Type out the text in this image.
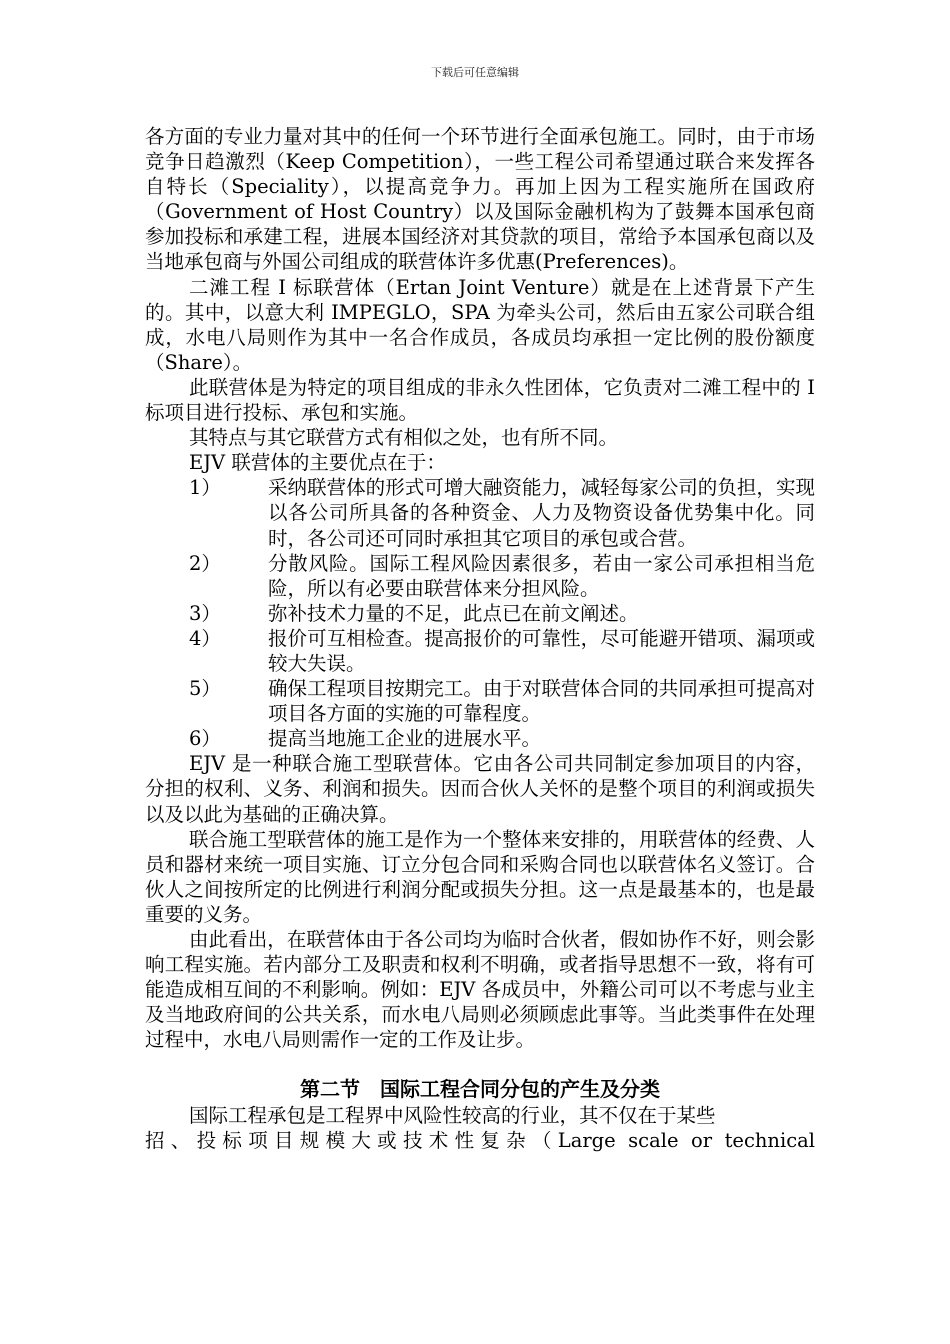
下载后可任意编辑

各方面的专业力量对其中的任何一个环节进行全面承包施工。同时，由于市场竞争日趋激烈（Keep Competition），一些工程公司希望通过联合来发挥各自特长（Speciality），以提高竞争力。再加上因为工程实施所在国政府（Government of Host Country）以及国际金融机构为了鼓舞本国承包商参加投标和承建工程，进展本国经济对其贷款的项目，常给予本国承包商以及当地承包商与外国公司组成的联营体许多优惠(Preferences)。

二滩工程 I 标联营体（Ertan Joint Venture）就是在上述背景下产生的。其中，以意大利 IMPEGLO，SPA 为牵头公司，然后由五家公司联合组成，水电八局则作为其中一名合作成员，各成员均承担一定比例的股份额度（Share）。

此联营体是为特定的项目组成的非永久性团体，它负责对二滩工程中的 I 标项目进行投标、承包和实施。

其特点与其它联营方式有相似之处，也有所不同。

EJV 联营体的主要优点在于：

1）	采纳联营体的形式可增大融资能力，减轻每家公司的负担，实现以各公司所具备的各种资金、人力及物资设备优势集中化。同时，各公司还可同时承担其它项目的承包或合营。
2）	分散风险。国际工程风险因素很多，若由一家公司承担相当危险，所以有必要由联营体来分担风险。
3）	弥补技术力量的不足，此点已在前文阐述。
4）	报价可互相检查。提高报价的可靠性，尽可能避开错项、漏项或较大失误。
5）	确保工程项目按期完工。由于对联营体合同的共同承担可提高对项目各方面的实施的可靠程度。
6）	提高当地施工企业的进展水平。

EJV 是一种联合施工型联营体。它由各公司共同制定参加项目的内容，分担的权利、义务、利润和损失。因而合伙人关怀的是整个项目的利润或损失以及以此为基础的正确决算。

联合施工型联营体的施工是作为一个整体来安排的，用联营体的经费、人员和器材来统一项目实施、订立分包合同和采购合同也以联营体名义签订。合伙人之间按所定的比例进行利润分配或损失分担。这一点是最基本的，也是最重要的义务。

由此看出，在联营体由于各公司均为临时合伙者，假如协作不好，则会影响工程实施。若内部分工及职责和权利不明确，或者指导思想不一致，将有可能造成相互间的不利影响。例如：EJV 各成员中，外籍公司可以不考虑与业主及当地政府间的公共关系，而水电八局则必须顾虑此事等。当此类事件在处理过程中，水电八局则需作一定的工作及让步。

第二节　国际工程合同分包的产生及分类

国际工程承包是工程界中风险性较高的行业，其不仅在于某些

招、投标项目规模大或技术性复杂（Large scale or technical
